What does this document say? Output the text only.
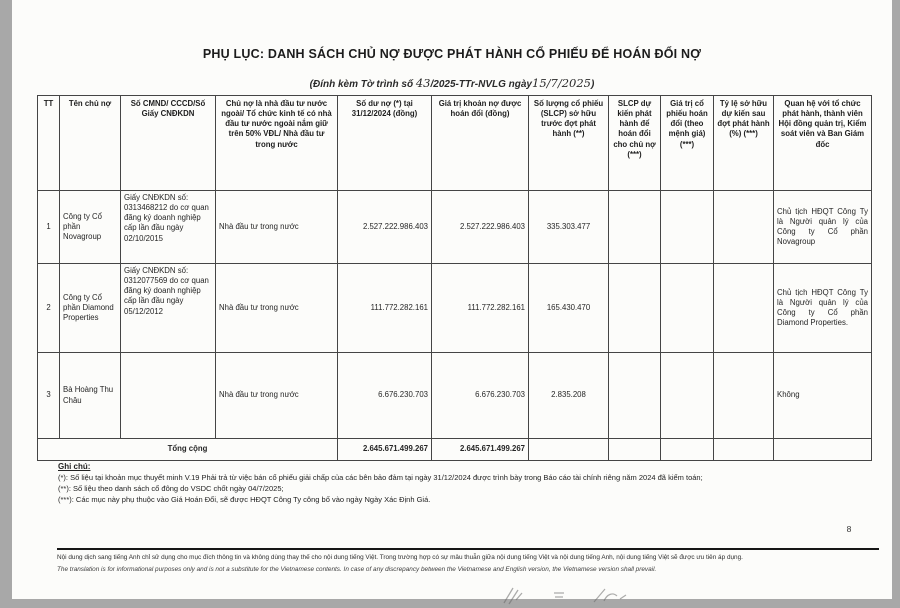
PHỤ LỤC: DANH SÁCH CHỦ NỢ ĐƯỢC PHÁT HÀNH CỔ PHIẾU ĐỂ HOÁN ĐỔI NỢ
(Đính kèm Tờ trình số 43/2025-TTr-NVLG ngày15/7/2025)
TT	Tên chủ nợ	Số CMND/ CCCD/Số Giấy CNĐKDN	Chủ nợ là nhà đầu tư nước ngoài/ Tổ chức kinh tế có nhà đầu tư nước ngoài nắm giữ trên 50% VĐL/ Nhà đầu tư trong nước	Số dư nợ (*) tại 31/12/2024 (đồng)	Giá trị khoản nợ được hoán đổi (đồng)	Số lượng cổ phiếu (SLCP) sở hữu trước đợt phát hành (**)	SLCP dự kiến phát hành để hoán đổi cho chủ nợ (***)	Giá trị cổ phiếu hoán đổi (theo mệnh giá) (***)	Tỷ lệ sở hữu dự kiến sau đợt phát hành (%) (***)	Quan hệ với tổ chức phát hành, thành viên Hội đồng quản trị, Kiểm soát viên và Ban Giám đốc
1	Công ty Cổ phần Novagroup	Giấy CNĐKDN số: 0313468212 do cơ quan đăng ký doanh nghiệp cấp lần đầu ngày 02/10/2015	Nhà đầu tư trong nước	2.527.222.986.403	2.527.222.986.403	335.303.477				Chủ tịch HĐQT Công Ty là Người quản lý của Công ty Cổ phần Novagroup
2	Công ty Cổ phần Diamond Properties	Giấy CNĐKDN số: 0312077569 do cơ quan đăng ký doanh nghiệp cấp lần đầu ngày 05/12/2012	Nhà đầu tư trong nước	111.772.282.161	111.772.282.161	165.430.470				Chủ tịch HĐQT Công Ty là Người quản lý của Công ty Cổ phần Diamond Properties.
3	Bà Hoàng Thu Châu		Nhà đầu tư trong nước	6.676.230.703	6.676.230.703	2.835.208				Không
Tổng cộng				2.645.671.499.267	2.645.671.499.267					
Ghi chú:
(*): Số liệu tại khoản mục thuyết minh V.19 Phải trả từ việc bán cổ phiếu giải chấp của các bên bảo đảm tại ngày 31/12/2024 được trình bày trong Báo cáo tài chính riêng năm 2024 đã kiểm toán;
(**): Số liệu theo danh sách cổ đông do VSDC chốt ngày 04/7/2025;
(***): Các mục này phụ thuộc vào Giá Hoán Đổi, sẽ được HĐQT Công Ty công bố vào ngày Ngày Xác Định Giá.
8
Nội dung dịch sang tiếng Anh chỉ sử dụng cho mục đích thông tin và không dùng thay thế cho nội dung tiếng Việt. Trong trường hợp có sự mâu thuẫn giữa nội dung tiếng Việt và nội dung tiếng Anh, nội dung tiếng Việt sẽ được ưu tiên áp dụng.
The translation is for informational purposes only and is not a substitute for the Vietnamese contents. In case of any discrepancy between the Vietnamese and English version, the Vietnamese version shall prevail.
